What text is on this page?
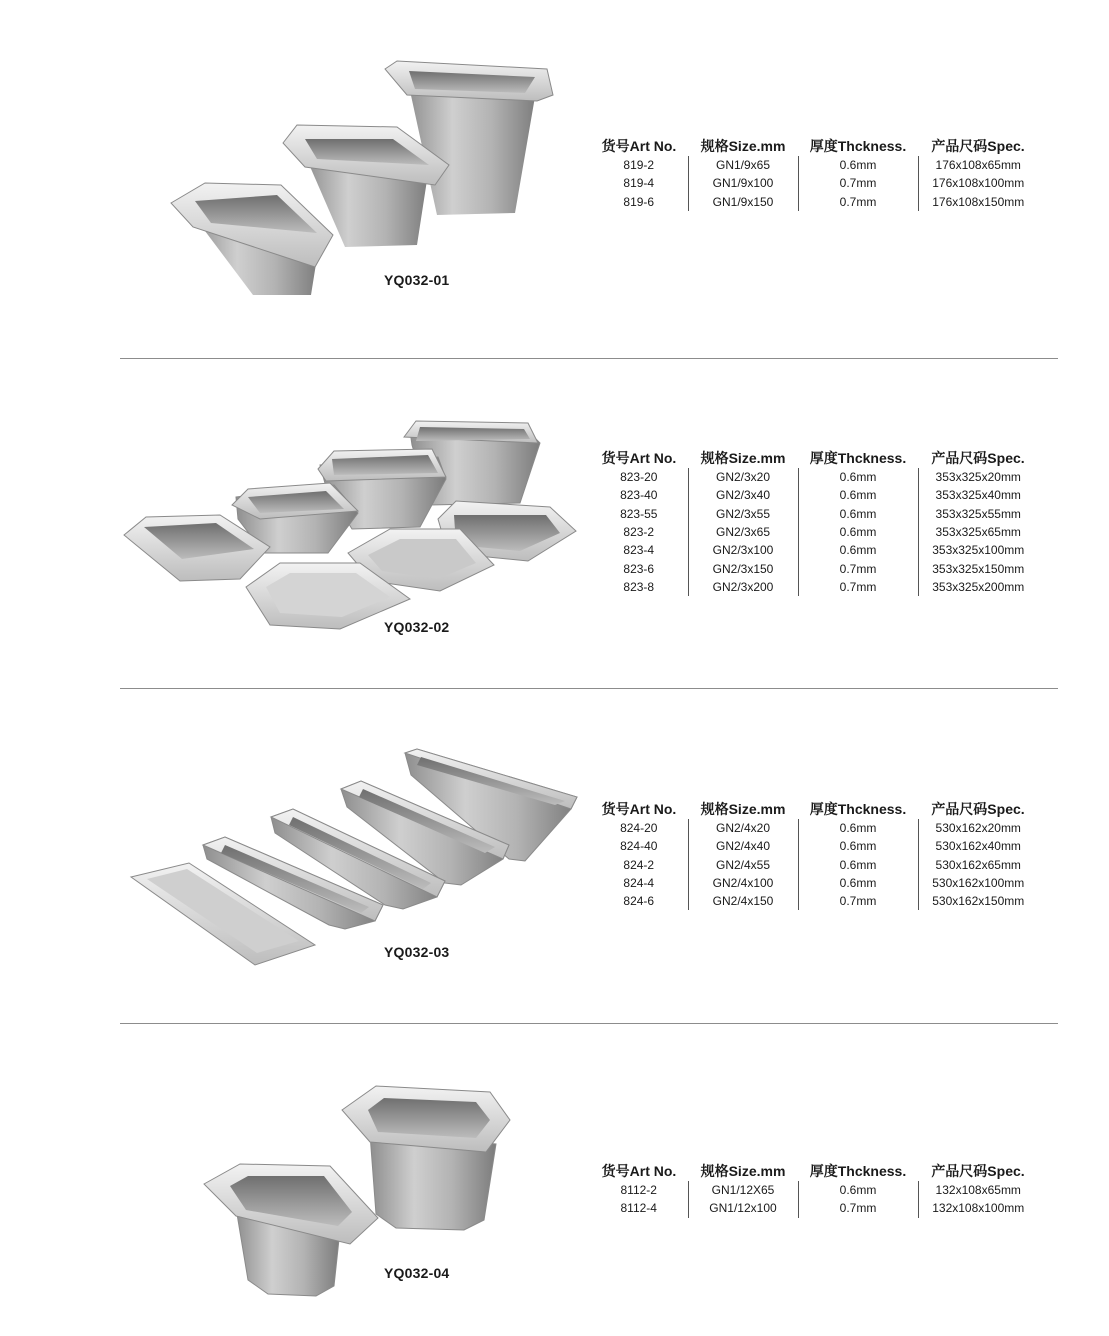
YQ032-01
货号Art No.	规格Size.mm	厚度Thckness.	产品尺码Spec.
819-2	GN1/9x65	0.6mm	176x108x65mm
819-4	GN1/9x100	0.7mm	176x108x100mm
819-6	GN1/9x150	0.7mm	176x108x150mm
YQ032-02
货号Art No.	规格Size.mm	厚度Thckness.	产品尺码Spec.
823-20	GN2/3x20	0.6mm	353x325x20mm
823-40	GN2/3x40	0.6mm	353x325x40mm
823-55	GN2/3x55	0.6mm	353x325x55mm
823-2	GN2/3x65	0.6mm	353x325x65mm
823-4	GN2/3x100	0.6mm	353x325x100mm
823-6	GN2/3x150	0.7mm	353x325x150mm
823-8	GN2/3x200	0.7mm	353x325x200mm
YQ032-03
货号Art No.	规格Size.mm	厚度Thckness.	产品尺码Spec.
824-20	GN2/4x20	0.6mm	530x162x20mm
824-40	GN2/4x40	0.6mm	530x162x40mm
824-2	GN2/4x55	0.6mm	530x162x65mm
824-4	GN2/4x100	0.6mm	530x162x100mm
824-6	GN2/4x150	0.7mm	530x162x150mm
YQ032-04
货号Art No.	规格Size.mm	厚度Thckness.	产品尺码Spec.
8112-2	GN1/12X65	0.6mm	132x108x65mm
8112-4	GN1/12x100	0.7mm	132x108x100mm
